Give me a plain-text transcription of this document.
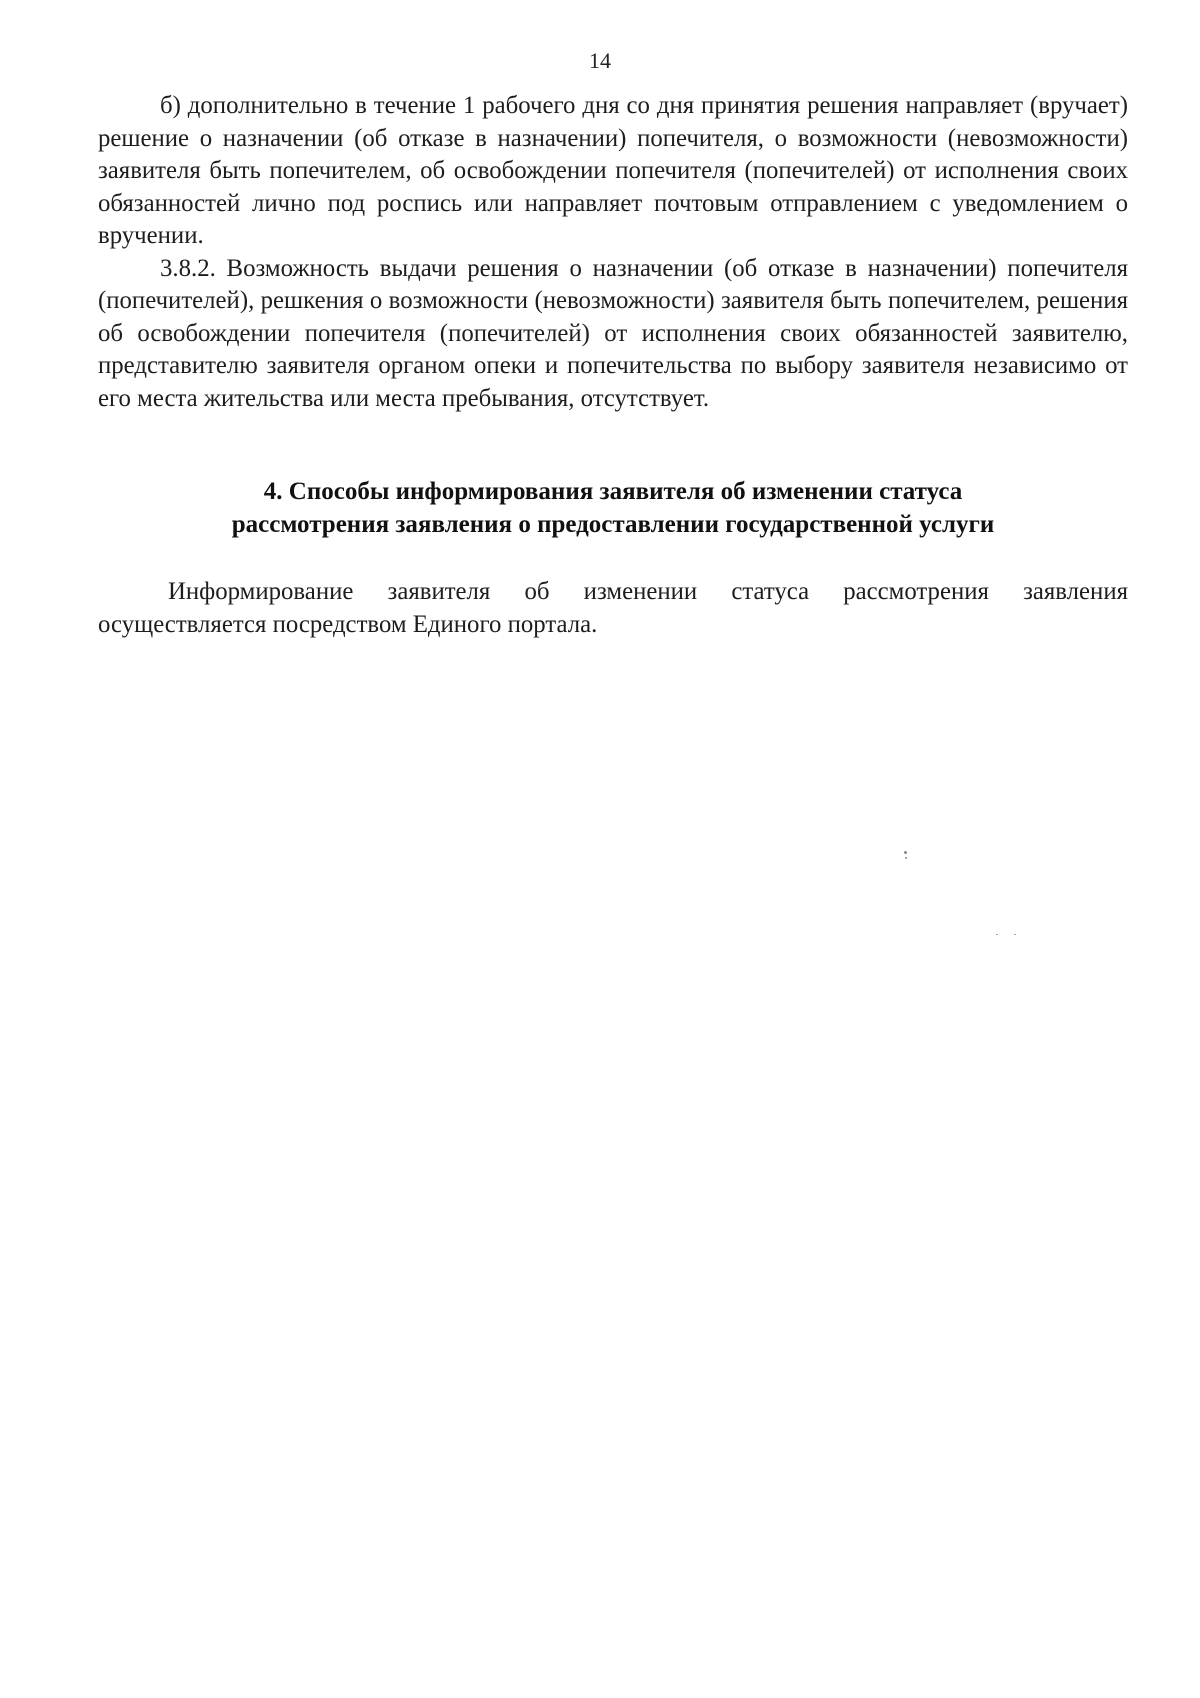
14

б) дополнительно в течение 1 рабочего дня со дня принятия решения направляет (вручает) решение о назначении (об отказе в назначении) попечителя, о возможности (невозможности) заявителя быть попечителем, об освобождении попечителя (попечителей) от исполнения своих обязанностей лично под роспись или направляет почтовым отправлением с уведомлением о вручении.

3.8.2. Возможность выдачи решения о назначении (об отказе в назначении) попечителя (попечителей), решкения о возможности (невозможности) заявителя быть попечителем, решения об освобождении попечителя (попечителей) от исполнения своих обязанностей заявителю, представителю заявителя органом опеки и попечительства по выбору заявителя независимо от его места жительства или места пребывания, отсутствует.

4. Способы информирования заявителя об изменении статуса
рассмотрения заявления о предоставлении государственной услуги

Информирование заявителя об изменении статуса рассмотрения заявления осуществляется посредством Единого портала.
